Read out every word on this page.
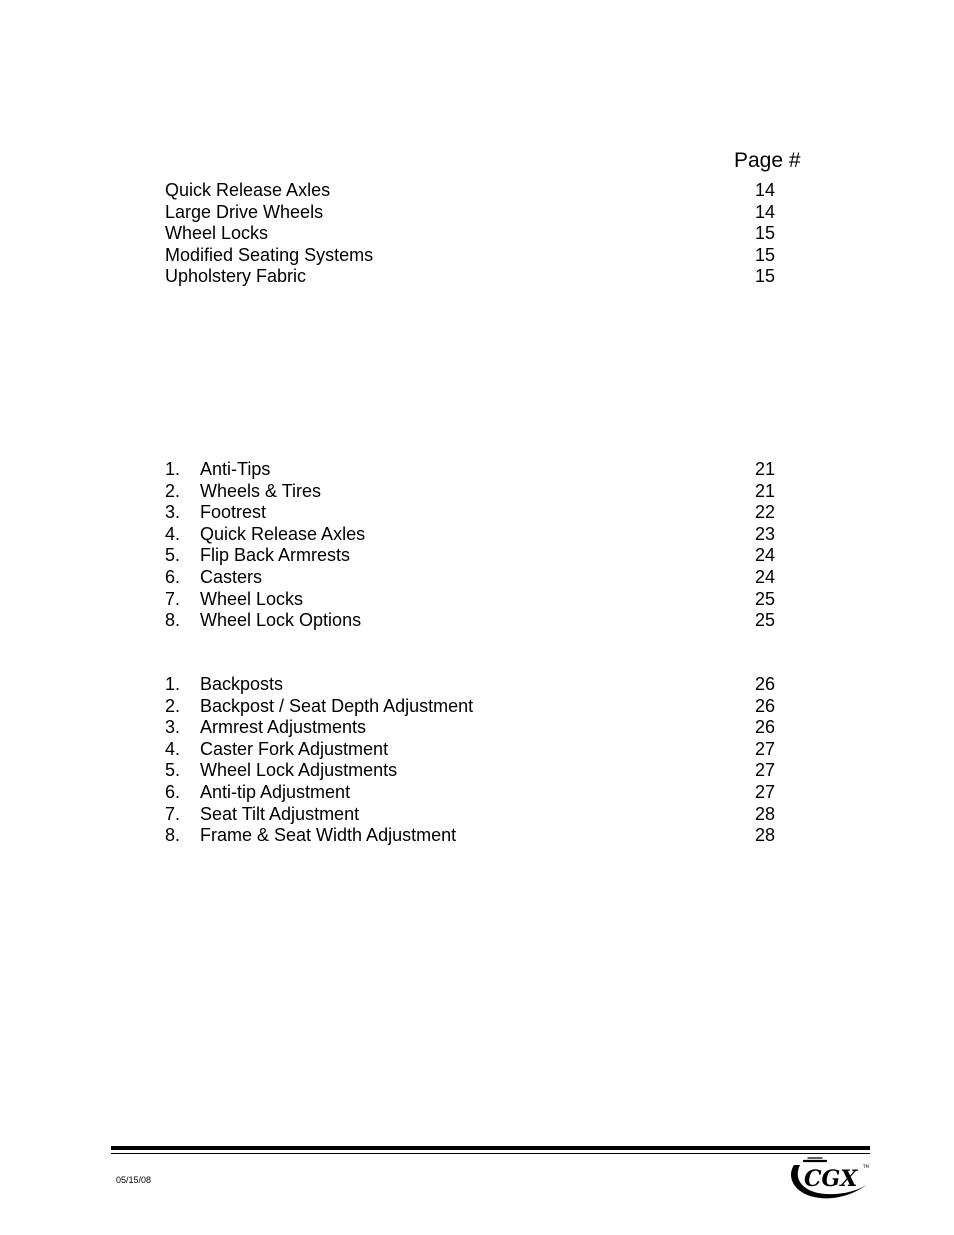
Page #
Quick Release Axles	14
Large Drive Wheels	14
Wheel Locks	15
Modified Seating Systems	15
Upholstery Fabric	15
1. Anti-Tips	21
2. Wheels & Tires	21
3. Footrest	22
4. Quick Release Axles	23
5. Flip Back Armrests	24
6. Casters	24
7. Wheel Locks	25
8. Wheel Lock Options	25
1. Backposts	26
2. Backpost / Seat Depth Adjustment	26
3. Armrest Adjustments	26
4. Caster Fork Adjustment	27
5. Wheel Lock Adjustments	27
6. Anti-tip Adjustment	27
7. Seat Tilt Adjustment	28
8. Frame & Seat Width Adjustment	28
05/15/08	CGX TM
